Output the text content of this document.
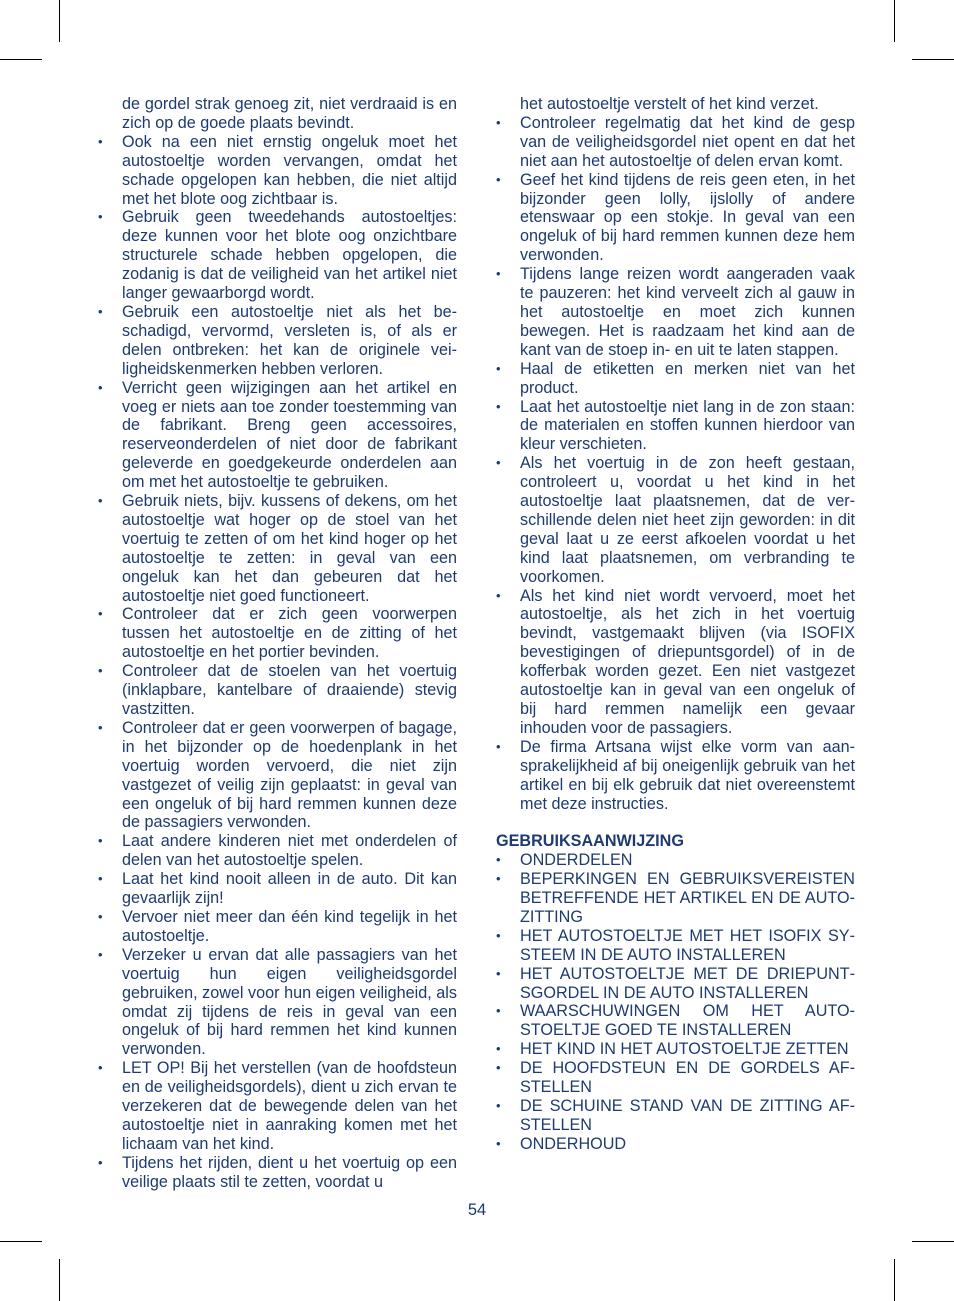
de gordel strak genoeg zit, niet verdraaid is en zich op de goede plaats bevindt.

• Ook na een niet ernstig ongeluk moet het autostoeltje worden vervangen, omdat het schade opgelopen kan hebben, die niet altijd met het blote oog zichtbaar is.
• Gebruik geen tweedehands autostoeltjes: deze kunnen voor het blote oog onzichtbare structurele schade hebben opgelopen, die zodanig is dat de veiligheid van het artikel niet langer gewaarborgd wordt.
• Gebruik een autostoeltje niet als het beschadigd, vervormd, versleten is, of als er delen ontbreken: het kan de originele veiligheidskenmerken hebben verloren.
• Verricht geen wijzigingen aan het artikel en voeg er niets aan toe zonder toestemming van de fabrikant. Breng geen accessoires, reserveonderdelen of niet door de fabrikant geleverde en goedgekeurde onderdelen aan om met het autostoeltje te gebruiken.
• Gebruik niets, bijv. kussens of dekens, om het autostoeltje wat hoger op de stoel van het voertuig te zetten of om het kind hoger op het autostoeltje te zetten: in geval van een ongeluk kan het dan gebeuren dat het autostoeltje niet goed functioneert.
• Controleer dat er zich geen voorwerpen tussen het autostoeltje en de zitting of het autostoeltje en het portier bevinden.
• Controleer dat de stoelen van het voertuig (inklapbare, kantelbare of draaiende) stevig vastzitten.
• Controleer dat er geen voorwerpen of bagage, in het bijzonder op de hoedenplank in het voertuig worden vervoerd, die niet zijn vastgezet of veilig zijn geplaatst: in geval van een ongeluk of bij hard remmen kunnen deze de passagiers verwonden.
• Laat andere kinderen niet met onderdelen of delen van het autostoeltje spelen.
• Laat het kind nooit alleen in de auto. Dit kan gevaarlijk zijn!
• Vervoer niet meer dan één kind tegelijk in het autostoeltje.
• Verzeker u ervan dat alle passagiers van het voertuig hun eigen veiligheidsgordel gebruiken, zowel voor hun eigen veiligheid, als omdat zij tijdens de reis in geval van een ongeluk of bij hard remmen het kind kunnen verwonden.
• LET OP! Bij het verstellen (van de hoofdsteun en de veiligheidsgordels), dient u zich ervan te verzekeren dat de bewegende delen van het autostoeltje niet in aanraking komen met het lichaam van het kind.
• Tijdens het rijden, dient u het voertuig op een veilige plaats stil te zetten, voordat u

het autostoeltje verstelt of het kind verzet.

• Controleer regelmatig dat het kind de gesp van de veiligheidsgordel niet opent en dat het niet aan het autostoeltje of delen ervan komt.
• Geef het kind tijdens de reis geen eten, in het bijzonder geen lolly, ijslolly of andere etenswaar op een stokje. In geval van een ongeluk of bij hard remmen kunnen deze hem verwonden.
• Tijdens lange reizen wordt aangeraden vaak te pauzeren: het kind verveelt zich al gauw in het autostoeltje en moet zich kunnen bewegen. Het is raadzaam het kind aan de kant van de stoep in- en uit te laten stappen.
• Haal de etiketten en merken niet van het product.
• Laat het autostoeltje niet lang in de zon staan: de materialen en stoffen kunnen hierdoor van kleur verschieten.
• Als het voertuig in de zon heeft gestaan, controleert u, voordat u het kind in het autostoeltje laat plaatsnemen, dat de verschillende delen niet heet zijn geworden: in dit geval laat u ze eerst afkoelen voordat u het kind laat plaatsnemen, om verbranding te voorkomen.
• Als het kind niet wordt vervoerd, moet het autostoeltje, als het zich in het voertuig bevindt, vastgemaakt blijven (via ISOFIX bevestigingen of driepuntsgordel) of in de kofferbak worden gezet. Een niet vastgezet autostoeltje kan in geval van een ongeluk of bij hard remmen namelijk een gevaar inhouden voor de passagiers.
• De firma Artsana wijst elke vorm van aansprakelijkheid af bij oneigenlijk gebruik van het artikel en bij elk gebruik dat niet overeenstemt met deze instructies.
GEBRUIKSAANWIJZING
• ONDERDELEN
• BEPERKINGEN EN GEBRUIKSVEREISTEN BETREFFENDE HET ARTIKEL EN DE AUTOZITTING
• HET AUTOSTOELTJE MET HET ISOFIX SYSTEEM IN DE AUTO INSTALLEREN
• HET AUTOSTOELTJE MET DE DRIEPUNTSGORDEL IN DE AUTO INSTALLEREN
• WAARSCHUWINGEN OM HET AUTOSTOELTJE GOED TE INSTALLEREN
• HET KIND IN HET AUTOSTOELTJE ZETTEN
• DE HOOFDSTEUN EN DE GORDELS AFSTELLEN
• DE SCHUINE STAND VAN DE ZITTING AFSTELLEN
• ONDERHOUD
54
